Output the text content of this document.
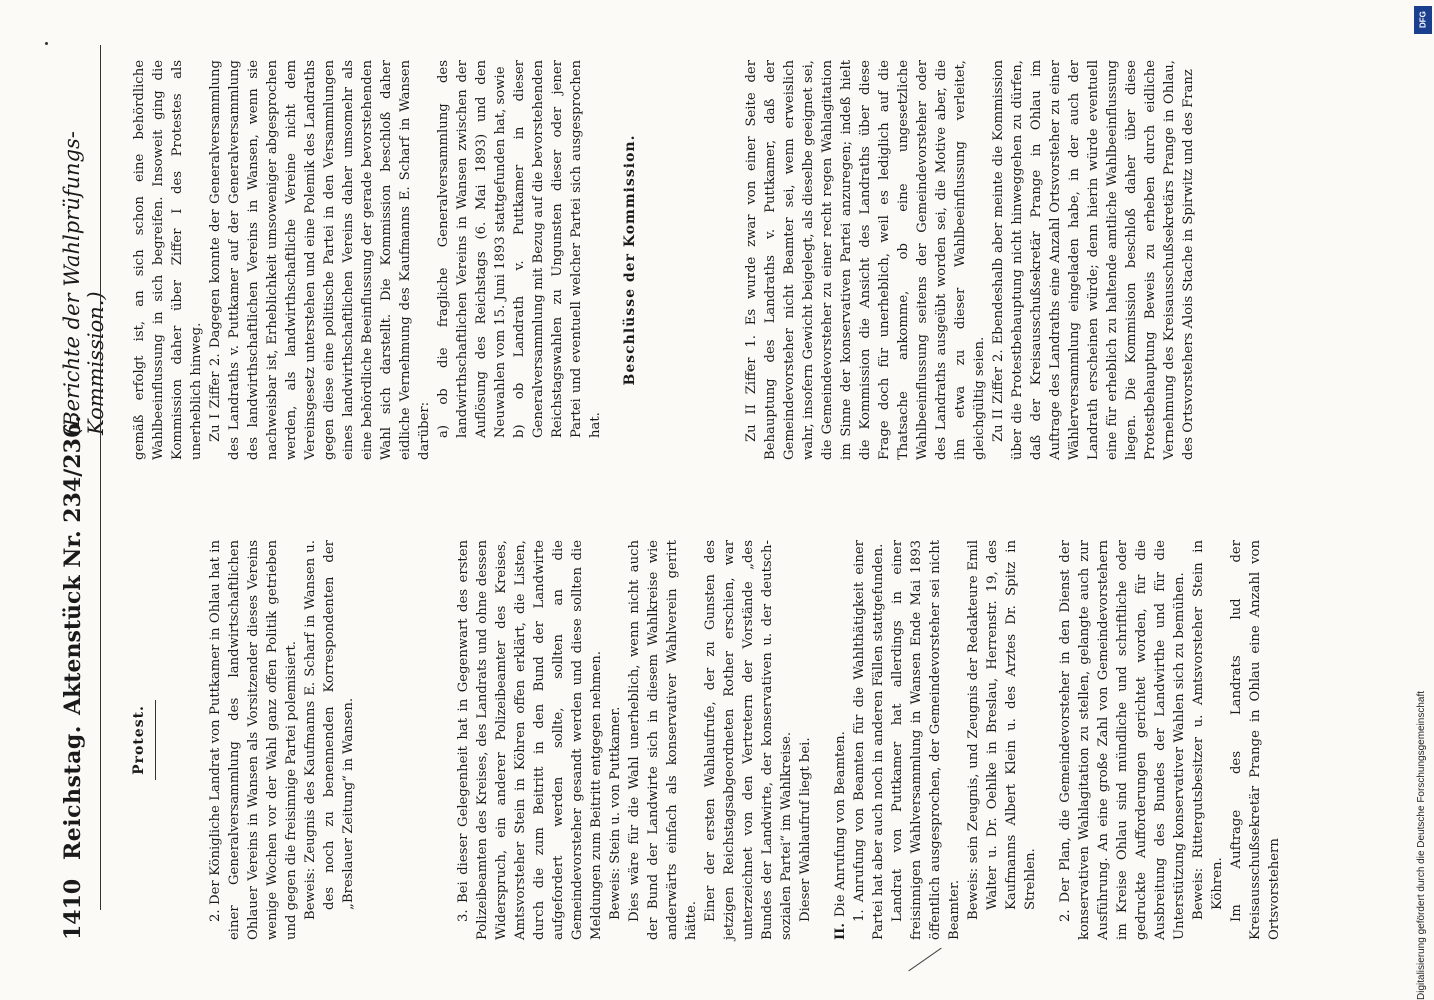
1410
Reichstag.
Aktenstück Nr. 234/236.
(Berichte der Wahlprüfungs-Kommission.)
Protest.	2. Der Königliche Landrat von Puttkamer in Ohlau hat in einer Generalversammlung des landwirtschaftlichen Ohlauer Vereins in Wansen als Vorsitzender dieses Vereins wenige Wochen vor der Wahl ganz offen Politik getrieben und gegen die freisinnige Partei polemisiert. Beweis: Zeugnis des Kaufmanns E. Scharf in Wansen u. des noch zu benennenden Korrespondenten der „Breslauer Zeitung“ in Wansen.	3. Bei dieser Gelegenheit hat in Gegenwart des ersten Polizeibeamten des Kreises, des Landrats und ohne dessen Widerspruch, ein anderer Polizeibeamter des Kreises, Amtsvorsteher Stein in Köhren offen erklärt, die Listen, durch die zum Beitritt in den Bund der Landwirte aufgefordert werden sollte, sollten an die Gemeindevorsteher gesandt werden und diese sollten die Meldungen zum Beitritt entgegen nehmen. Beweis: Stein u. von Puttkamer. Dies wäre für die Wahl unerheblich, wenn nicht auch der Bund der Landwirte sich in diesem Wahlkreise wie anderwärts einfach als konservativer Wahlverein gerirt hätte. Einer der ersten Wahlaufrufe, der zu Gunsten des jetzigen Reichstagsabgeordneten Rother erschien, war unterzeichnet von den Vertretern der Vorstände „des Bundes der Landwirte, der konservativen u. der deutsch-sozialen Partei“ im Wahlkreise. Dieser Wahlaufruf liegt bei.

II.Die Anrufung von Beamten. 1. Anrufung von Beamten für die Wahlthätigkeit einer Partei hat aber auch noch in anderen Fällen stattgefunden. Landrat von Puttkamer hat allerdings in einer freisinnigen Wahlversammlung in Wansen Ende Mai 1893 öffentlich ausgesprochen, der Gemeindevorsteher sei nicht Beamter. Beweis: sein Zeugnis, und Zeugnis der Redakteure Emil Walter u. Dr. Oehlke in Breslau, Herrenstr. 19, des Kaufmanns Albert Klein u. des Arztes Dr. Spitz in Strehlen. 2. Der Plan, die Gemeindevorsteher in den Dienst der konservativen Wahlagitation zu stellen, gelangte auch zur Ausführung. An eine große Zahl von Gemeindevorstehern im Kreise Ohlau sind mündliche und schriftliche oder gedruckte Aufforderungen gerichtet worden, für die Ausbreitung des Bundes der Landwirthe und für die Unterstützung konservativer Wahlen sich zu bemühen. Beweis: Rittergutsbesitzer u. Amtsvorsteher Stein in Köhren. Im Auftrage des Landrats lud der Kreisausschußsekretär Prange in Ohlau eine Anzahl von Ortsvorstehern

gemäß erfolgt ist, an sich schon eine behördliche Wahlbeeinflussung in sich begreifen. Insoweit ging die Kommission daher über Ziffer I des Protestes als unerheblich hinweg. Zu I Ziffer 2. Dagegen konnte der Generalversammlung des Landraths v. Puttkamer auf der Generalversammlung des landwirthschaftlichen Vereins in Wansen, wenn sie nachweisbar ist, Erheblichkeit umsoweniger abgesprochen werden, als landwirthschaftliche Vereine nicht dem Vereinsgesetz unterstehen und eine Polemik des Landraths gegen diese eine politische Partei in den Versammlungen eines landwirthschaftlichen Vereins daher umsomehr als eine behördliche Beeinflussung der gerade bevorstehenden Wahl sich darstellt. Die Kommission beschloß daher eidliche Vernehmung des Kaufmanns E. Scharf in Wansen darüber: a) ob die fragliche Generalversammlung des landwirthschaftlichen Vereins in Wansen zwischen der Auflösung des Reichstags (6. Mai 1893) und den Neuwahlen vom 15. Juni 1893 stattgefunden hat, sowie b) ob Landrath v. Puttkamer in dieser Generalversammlung mit Bezug auf die bevorstehenden Reichstagswahlen zu Ungunsten dieser oder jener Partei und eventuell welcher Partei sich ausgesprochen hat.

Beschlüsse der Kommission.	Zu II Ziffer 1. Es wurde zwar von einer Seite der Behauptung des Landraths v. Puttkamer, daß der Gemeindevorsteher nicht Beamter sei, wenn erweislich wahr, insofern Gewicht beigelegt, als dieselbe geeignet sei, die Gemeindevorsteher zu einer recht regen Wahlagitation im Sinne der konservativen Partei anzuregen; indeß hielt die Kommission die Ansicht des Landraths über diese Frage doch für unerheblich, weil es lediglich auf die Thatsache ankomme, ob eine ungesetzliche Wahlbeeinflussung seitens der Gemeindevorsteher oder des Landraths ausgeübt worden sei, die Motive aber, die ihn etwa zu dieser Wahlbeeinflussung verleitet, gleichgültig seien. Zu II Ziffer 2. Ebendeshalb aber meinte die Kommission über die Protestbehauptung nicht hinweggehen zu dürfen, daß der Kreisausschußsekretär Prange in Ohlau im Auftrage des Landraths eine Anzahl Ortsvorsteher zu einer Wählerversammlung eingeladen habe, in der auch der Landrath erscheinen würde; denn hierin würde eventuell eine für erheblich zu haltende amtliche Wahlbeeinflussung liegen. Die Kommission beschloß daher über diese Protestbehauptung Beweis zu erheben durch eidliche Vernehmung des Kreisausschußsekretärs Prange in Ohlau, des Ortsvorstehers Alois Stache in Spirwitz und des Franz

DFG
Digitalisierung gefördert durch die Deutsche Forschungsgemeinschaft
